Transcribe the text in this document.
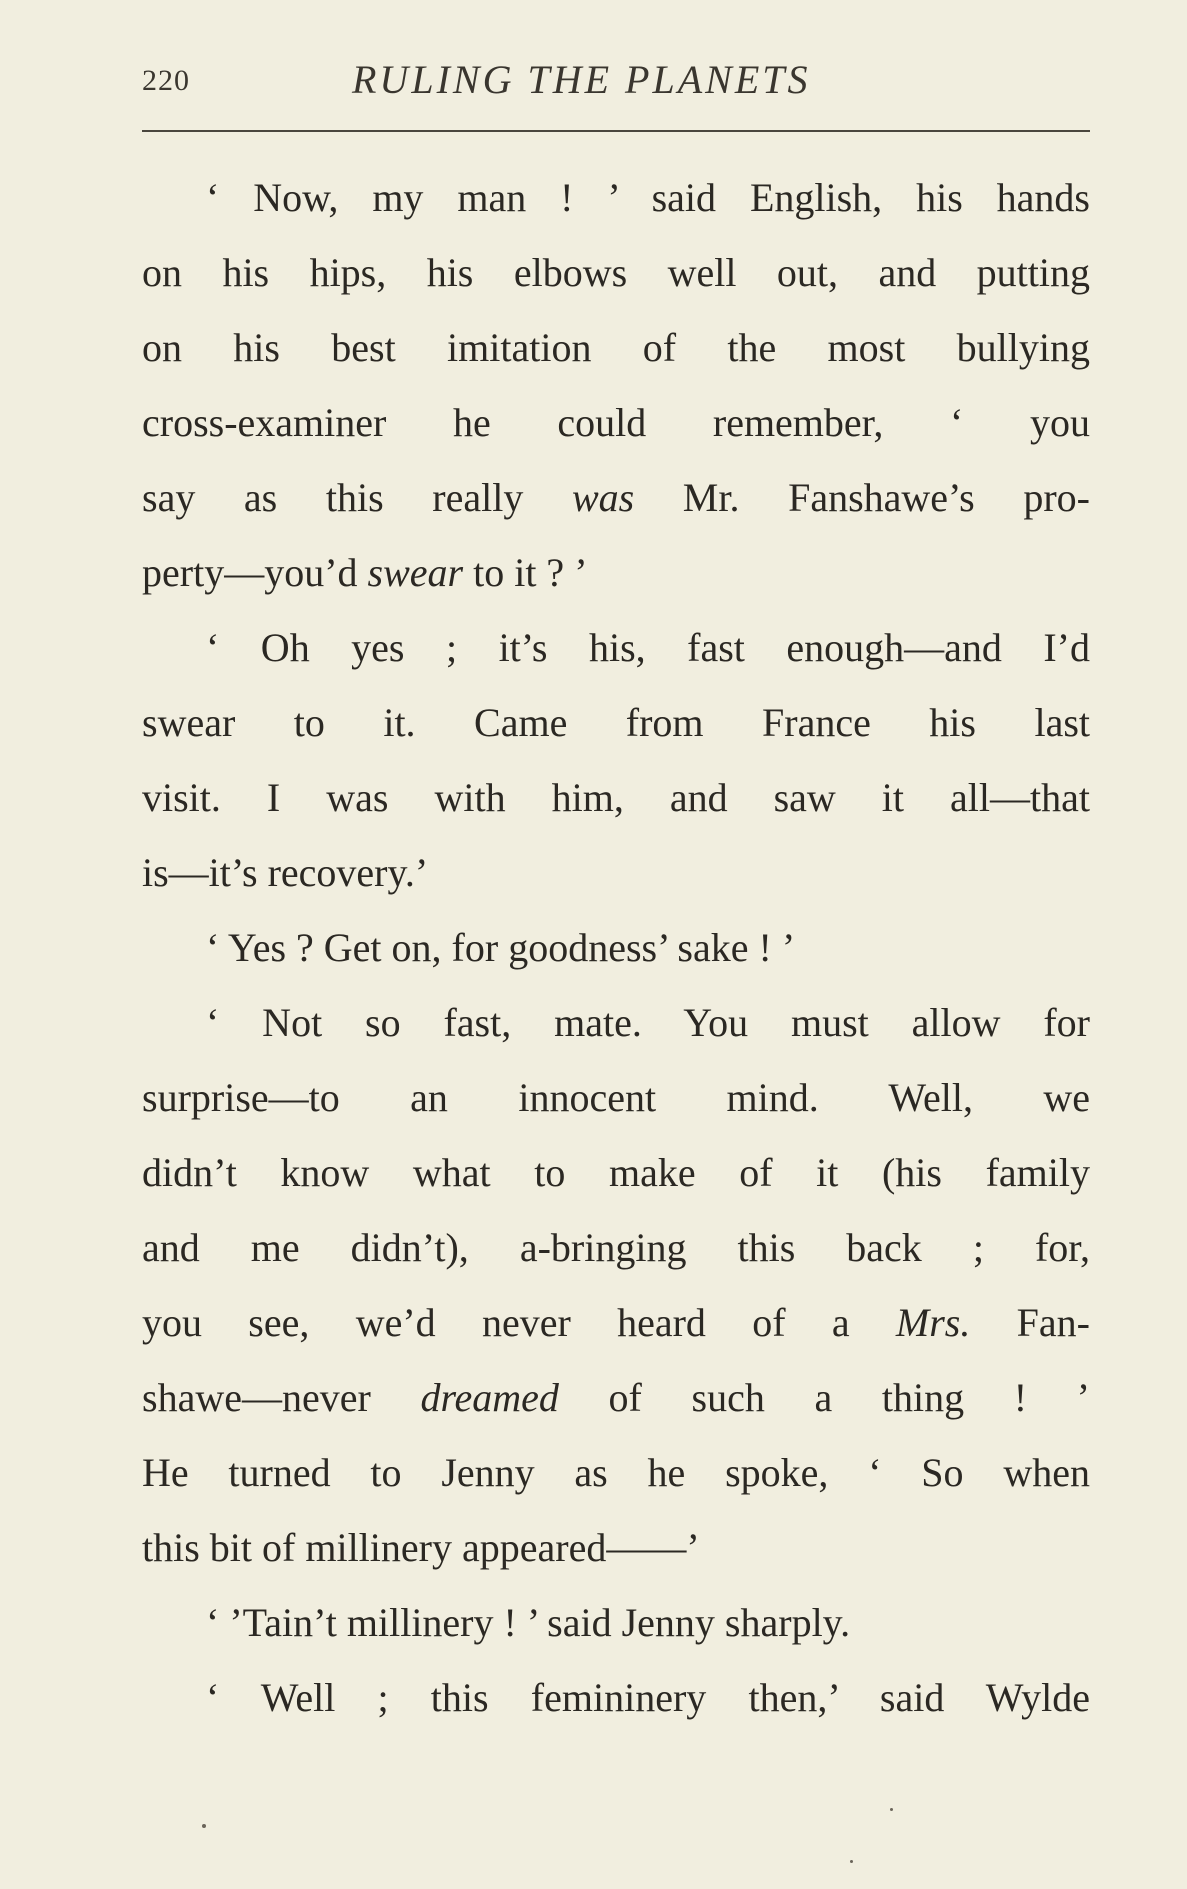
220	RULING THE PLANETS
‘ Now, my man ! ’ said English, his hands
on his hips, his elbows well out, and putting
on his best imitation of the most bullying
cross-examiner he could remember, ‘ you
say as this really was Mr. Fanshawe’s pro-
perty—you’d swear to it ? ’
‘ Oh yes ; it’s his, fast enough—and I’d
swear to it. Came from France his last
visit. I was with him, and saw it all—that
is—it’s recovery.’
‘ Yes ? Get on, for goodness’ sake ! ’
‘ Not so fast, mate. You must allow for
surprise—to an innocent mind. Well, we
didn’t know what to make of it (his family
and me didn’t), a-bringing this back ; for,
you see, we’d never heard of a Mrs. Fan-
shawe—never dreamed of such a thing ! ’
He turned to Jenny as he spoke, ‘ So when
this bit of millinery appeared——’
‘ ’Tain’t millinery ! ’ said Jenny sharply.
‘ Well ; this femininery then,’ said Wylde
